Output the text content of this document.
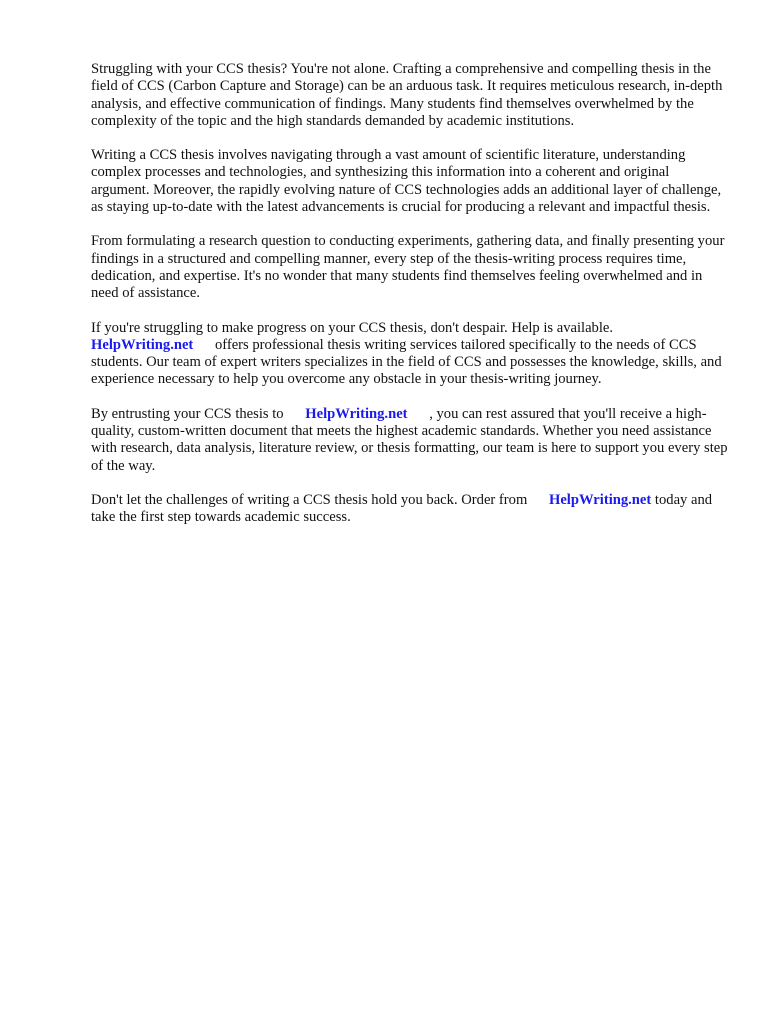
Struggling with your CCS thesis? You're not alone. Crafting a comprehensive and compelling thesis in the field of CCS (Carbon Capture and Storage) can be an arduous task. It requires meticulous research, in-depth analysis, and effective communication of findings. Many students find themselves overwhelmed by the complexity of the topic and the high standards demanded by academic institutions.

Writing a CCS thesis involves navigating through a vast amount of scientific literature, understanding complex processes and technologies, and synthesizing this information into a coherent and original argument. Moreover, the rapidly evolving nature of CCS technologies adds an additional layer of challenge, as staying up-to-date with the latest advancements is crucial for producing a relevant and impactful thesis.

From formulating a research question to conducting experiments, gathering data, and finally presenting your findings in a structured and compelling manner, every step of the thesis-writing process requires time, dedication, and expertise. It's no wonder that many students find themselves feeling overwhelmed and in need of assistance.

If you're struggling to make progress on your CCS thesis, don't despair. Help is available.
HelpWriting.net offers professional thesis writing services tailored specifically to the needs of CCS students. Our team of expert writers specializes in the field of CCS and possesses the knowledge, skills, and experience necessary to help you overcome any obstacle in your thesis-writing journey.

By entrusting your CCS thesis to HelpWriting.net , you can rest assured that you'll receive a high-quality, custom-written document that meets the highest academic standards. Whether you need assistance with research, data analysis, literature review, or thesis formatting, our team is here to support you every step of the way.

Don't let the challenges of writing a CCS thesis hold you back. Order from HelpWriting.net today and take the first step towards academic success.
